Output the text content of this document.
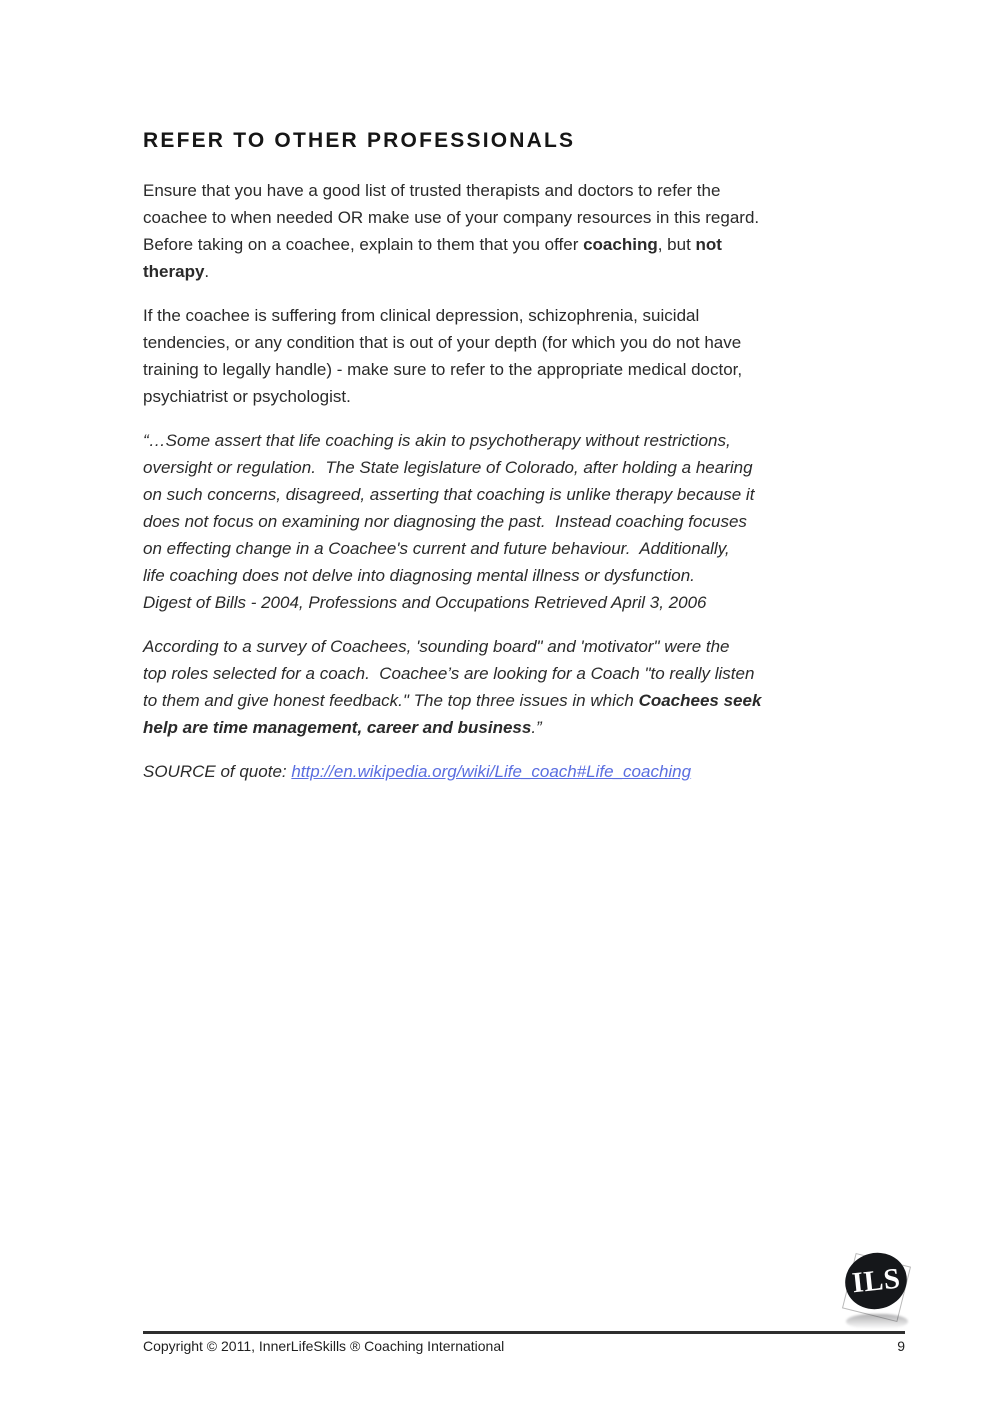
REFER TO OTHER PROFESSIONALS
Ensure that you have a good list of trusted therapists and doctors to refer the
coachee to when needed OR make use of your company resources in this regard.
Before taking on a coachee, explain to them that you offer coaching, but not
therapy.
If the coachee is suffering from clinical depression, schizophrenia, suicidal
tendencies, or any condition that is out of your depth (for which you do not have
training to legally handle) - make sure to refer to the appropriate medical doctor,
psychiatrist or psychologist.
“…Some assert that life coaching is akin to psychotherapy without restrictions,
oversight or regulation.  The State legislature of Colorado, after holding a hearing
on such concerns, disagreed, asserting that coaching is unlike therapy because it
does not focus on examining nor diagnosing the past.  Instead coaching focuses
on effecting change in a Coachee's current and future behaviour.  Additionally,
life coaching does not delve into diagnosing mental illness or dysfunction.
Digest of Bills - 2004, Professions and Occupations Retrieved April 3, 2006
According to a survey of Coachees, 'sounding board" and 'motivator" were the
top roles selected for a coach.  Coachee’s are looking for a Coach "to really listen
to them and give honest feedback." The top three issues in which Coachees seek
help are time management, career and business.”
SOURCE of quote: http://en.wikipedia.org/wiki/Life_coach#Life_coaching
ILS
Copyright © 2011, InnerLifeSkills ® Coaching International	9
